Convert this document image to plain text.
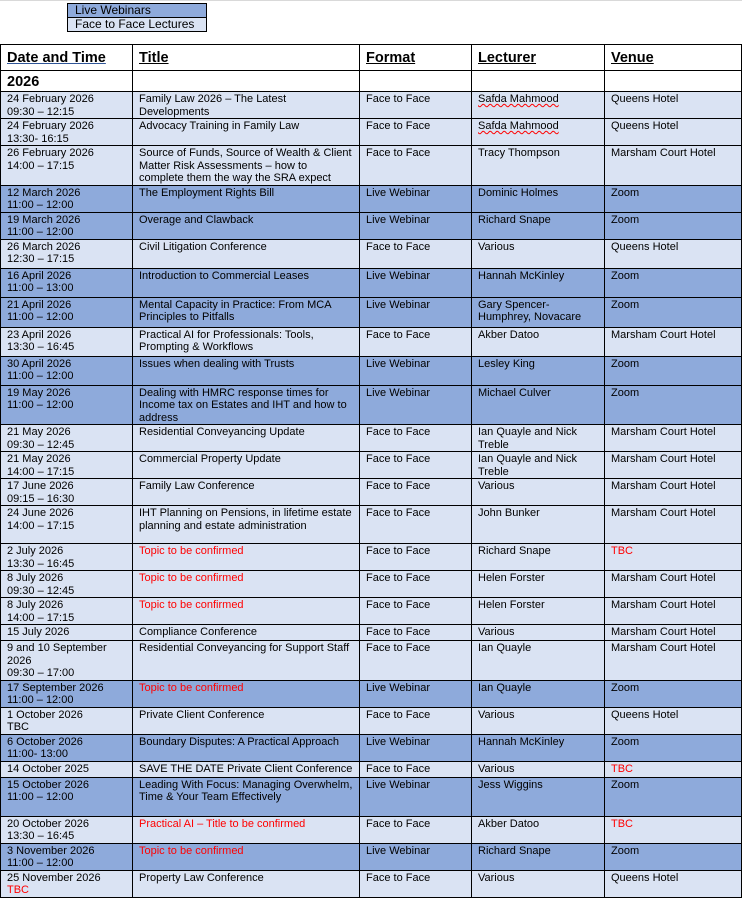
Live Webinars
Face to Face Lectures
Date and Time	Title	Format	Lecturer	Venue
2026				

24 February 2026
09:30 – 12:15	Family Law 2026 – The Latest Developments	Face to Face	Safda Mahmood	Queens Hotel

24 February 2026
13:30- 16:15	Advocacy Training in Family Law	Face to Face	Safda Mahmood	Queens Hotel

26 February 2026
14:00 – 17:15	Source of Funds, Source of Wealth & Client Matter Risk Assessments – how to complete them the way the SRA expect	Face to Face	Tracy Thompson	Marsham Court Hotel

12 March 2026
11:00 – 12:00	The Employment Rights Bill	Live Webinar	Dominic Holmes	Zoom

19 March 2026
11:00 – 12:00	Overage and Clawback	Live Webinar	Richard Snape	Zoom

26 March 2026
12:30 – 17:15	Civil Litigation Conference	Face to Face	Various	Queens Hotel

16 April 2026
11:00 – 13:00	Introduction to Commercial Leases	Live Webinar	Hannah McKinley	Zoom

21 April 2026
11:00 – 12:00	Mental Capacity in Practice: From MCA Principles to Pitfalls	Live Webinar	Gary Spencer-Humphrey, Novacare	Zoom

23 April 2026
13:30 – 16:45	Practical AI for Professionals: Tools, Prompting & Workflows	Face to Face	Akber Datoo	Marsham Court Hotel

30 April 2026
11:00 – 12:00	Issues when dealing with Trusts	Live Webinar	Lesley King	Zoom

19 May 2026
11:00 – 12:00	Dealing with HMRC response times for Income tax on Estates and IHT and how to address	Live Webinar	Michael Culver	Zoom

21 May 2026
09:30 – 12:45	Residential Conveyancing Update	Face to Face	Ian Quayle and Nick Treble	Marsham Court Hotel

21 May 2026
14:00 – 17:15	Commercial Property Update	Face to Face	Ian Quayle and Nick Treble	Marsham Court Hotel

17 June 2026
09:15 – 16:30	Family Law Conference	Face to Face	Various	Marsham Court Hotel

24 June 2026
14:00 – 17:15	IHT Planning on Pensions, in lifetime estate planning and estate administration	Face to Face	John Bunker	Marsham Court Hotel

2 July 2026
13:30 – 16:45	Topic to be confirmed	Face to Face	Richard Snape	TBC

8 July 2026
09:30 – 12:45	Topic to be confirmed	Face to Face	Helen Forster	Marsham Court Hotel

8 July 2026
14:00 – 17:15	Topic to be confirmed	Face to Face	Helen Forster	Marsham Court Hotel

15 July 2026	Compliance Conference	Face to Face	Various	Marsham Court Hotel

9 and 10 September 2026
09:30 – 17:00	Residential Conveyancing for Support Staff	Face to Face	Ian Quayle	Marsham Court Hotel

17 September 2026
11:00 – 12:00	Topic to be confirmed	Live Webinar	Ian Quayle	Zoom

1 October 2026
TBC	Private Client Conference	Face to Face	Various	Queens Hotel

6 October 2026
11:00- 13:00	Boundary Disputes: A Practical Approach	Live Webinar	Hannah McKinley	Zoom

14 October 2025	SAVE THE DATE Private Client Conference	Face to Face	Various	TBC

15 October 2026
11:00 – 12:00	Leading With Focus: Managing Overwhelm, Time & Your Team Effectively	Live Webinar	Jess Wiggins	Zoom

20 October 2026
13:30 – 16:45	Practical AI – Title to be confirmed	Face to Face	Akber Datoo	TBC

3 November 2026
11:00 – 12:00	Topic to be confirmed	Live Webinar	Richard Snape	Zoom

25 November 2026
TBC	Property Law Conference	Face to Face	Various	Queens Hotel
